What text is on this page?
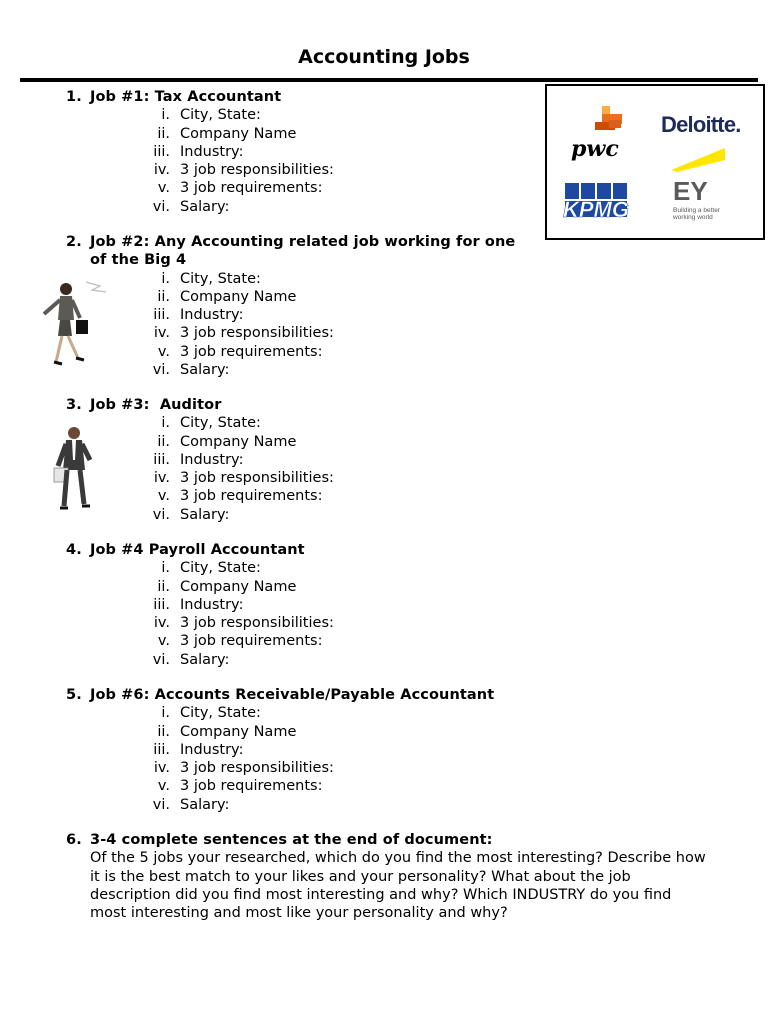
Accounting Jobs
pwc
Deloitte.
KPMG
EY
Building a better
working world
1. Job #1: Tax Accountant
i. City, State:
ii. Company Name
iii. Industry:
iv. 3 job responsibilities:
v. 3 job requirements:
vi. Salary:
2. Job #2: Any Accounting related job working for one of the Big 4
i. City, State:
ii. Company Name
iii. Industry:
iv. 3 job responsibilities:
v. 3 job requirements:
vi. Salary:
3. Job #3:  Auditor
i. City, State:
ii. Company Name
iii. Industry:
iv. 3 job responsibilities:
v. 3 job requirements:
vi. Salary:
4. Job #4 Payroll Accountant
i. City, State:
ii. Company Name
iii. Industry:
iv. 3 job responsibilities:
v. 3 job requirements:
vi. Salary:
5. Job #6: Accounts Receivable/Payable Accountant
i. City, State:
ii. Company Name
iii. Industry:
iv. 3 job responsibilities:
v. 3 job requirements:
vi. Salary:
6. 3-4 complete sentences at the end of document:
Of the 5 jobs your researched, which do you find the most interesting? Describe how it is the best match to your likes and your personality? What about the job description did you find most interesting and why? Which INDUSTRY do you find most interesting and most like your personality and why?
